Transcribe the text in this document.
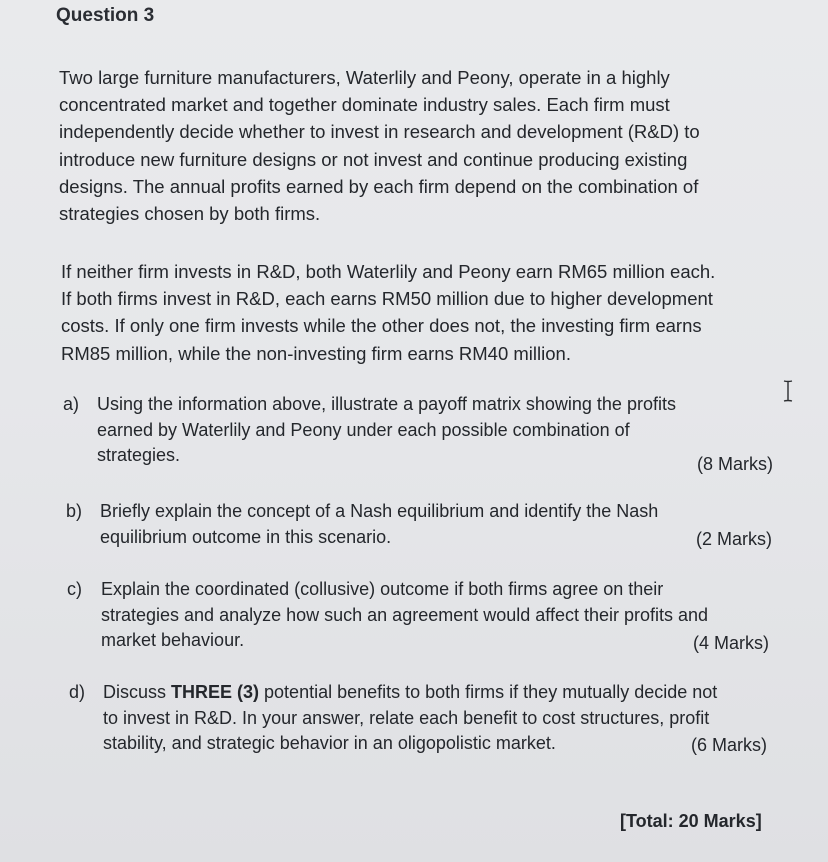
Question 3
Two large furniture manufacturers, Waterlily and Peony, operate in a highly
concentrated market and together dominate industry sales. Each firm must
independently decide whether to invest in research and development (R&D) to
introduce new furniture designs or not invest and continue producing existing
designs. The annual profits earned by each firm depend on the combination of
strategies chosen by both firms.
If neither firm invests in R&D, both Waterlily and Peony earn RM65 million each.
If both firms invest in R&D, each earns RM50 million due to higher development
costs. If only one firm invests while the other does not, the investing firm earns
RM85 million, while the non-investing firm earns RM40 million.
a) Using the information above, illustrate a payoff matrix showing the profits
earned by Waterlily and Peony under each possible combination of
strategies.	(8 Marks)
b) Briefly explain the concept of a Nash equilibrium and identify the Nash
equilibrium outcome in this scenario.	(2 Marks)
c) Explain the coordinated (collusive) outcome if both firms agree on their
strategies and analyze how such an agreement would affect their profits and
market behaviour.	(4 Marks)
d) Discuss THREE (3) potential benefits to both firms if they mutually decide not
to invest in R&D. In your answer, relate each benefit to cost structures, profit
stability, and strategic behavior in an oligopolistic market.	(6 Marks)
[Total: 20 Marks]
